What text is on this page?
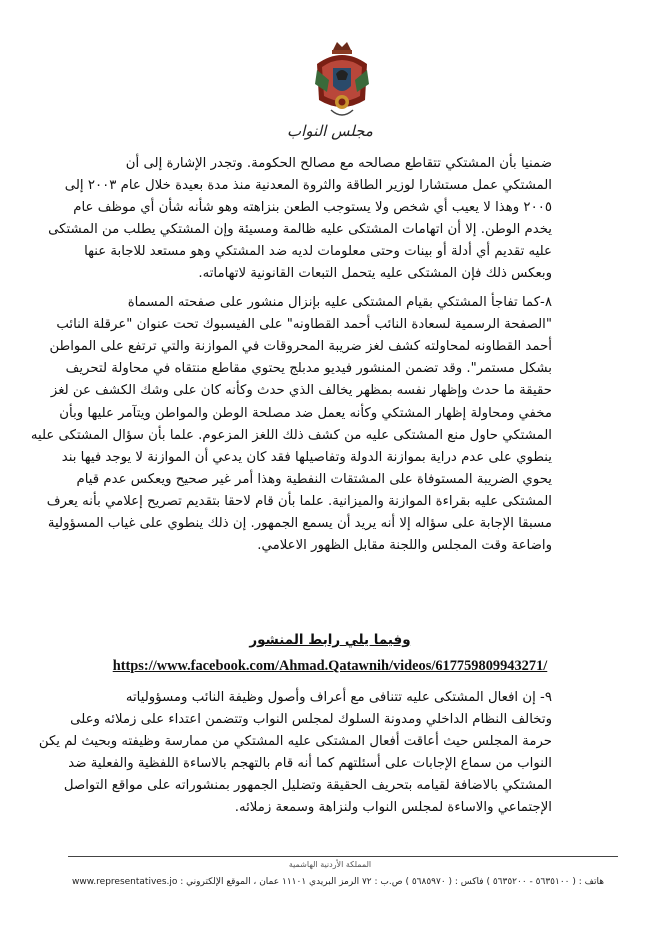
مجلس النواب
ضمنيا بأن المشتكي تتقاطع مصالحه مع مصالح الحكومة. وتجدر الإشارة إلى أن
المشتكي عمل مستشارا لوزير الطاقة والثروة المعدنية منذ مدة بعيدة خلال عام ٢٠٠٣ إلى
٢٠٠٥ وهذا لا يعيب أي شخص ولا يستوجب الطعن بنزاهته وهو شأنه شأن أي موظف عام
يخدم الوطن. إلا أن اتهامات المشتكى عليه ظالمة ومسيئة وإن المشتكي يطلب من المشتكى
عليه تقديم أي أدلة أو بينات وحتى معلومات لديه ضد المشتكي وهو مستعد للاجابة عنها
وبعكس ذلك فإن المشتكى عليه يتحمل التبعات القانونية لاتهاماته.
٨-كما تفاجأ المشتكي بقيام المشتكى عليه بإنزال منشور على صفحته المسماة
"الصفحة الرسمية لسعادة النائب أحمد القطاونه" على الفيسبوك تحت عنوان "عرقلة النائب
أحمد القطاونه لمحاولته كشف لغز ضريبة المحروقات في الموازنة والتي ترتفع على المواطن
بشكل مستمر". وقد تضمن المنشور فيديو مدبلج يحتوي مقاطع منتقاه في محاولة لتحريف
حقيقة ما حدث وإظهار نفسه بمظهر يخالف الذي حدث وكأنه كان على وشك الكشف عن لغز
مخفي ومحاولة إظهار المشتكي وكأنه يعمل ضد مصلحة الوطن والمواطن ويتآمر عليها وبأن
المشتكي حاول منع المشتكى عليه من كشف ذلك اللغز المزعوم. علما بأن سؤال المشتكى عليه
ينطوي على عدم دراية بموازنة الدولة وتفاصيلها فقد كان يدعي أن الموازنة لا يوجد فيها بند
يحوي الضريبة المستوفاة على المشتقات النفطية وهذا أمر غير صحيح ويعكس عدم قيام
المشتكى عليه بقراءة الموازنة والميزانية. علما بأن قام لاحقا بتقديم تصريح إعلامي بأنه يعرف
مسبقا الإجابة على سؤاله إلا أنه يريد أن يسمع الجمهور. إن ذلك ينطوي على غياب المسؤولية
واضاعة وقت المجلس واللجنة مقابل الظهور الاعلامي.
وفيما يلي رابط المنشور
https://www.facebook.com/Ahmad.Qatawnih/videos/617759809943271/
٩- إن افعال المشتكى عليه تتنافى مع أعراف وأصول وظيفة النائب ومسؤولياته
وتخالف النظام الداخلي ومدونة السلوك لمجلس النواب وتتضمن اعتداء على زملائه وعلى
حرمة المجلس حيث أعاقت أفعال المشتكى عليه المشتكي من ممارسة وظيفته وبحيث لم يكن
النواب من سماع الإجابات على أسئلتهم كما أنه قام بالتهجم بالاساءة اللفظية والفعلية ضد
المشتكي بالاضافة لقيامه بتحريف الحقيقة وتضليل الجمهور بمنشوراته على مواقع التواصل
الإجتماعي والاساءة لمجلس النواب ولنزاهة وسمعة زملائه.
المملكة الأردنية الهاشمية
هاتف : ( ٥٦٣٥١٠٠ - ٥٦٣٥٢٠٠ ) فاكس : ( ٥٦٨٥٩٧٠ ) ص.ب : ٧٢ الرمز البريدي ١١١٠١ عمان ، الموقع الإلكتروني : www.representatives.jo
